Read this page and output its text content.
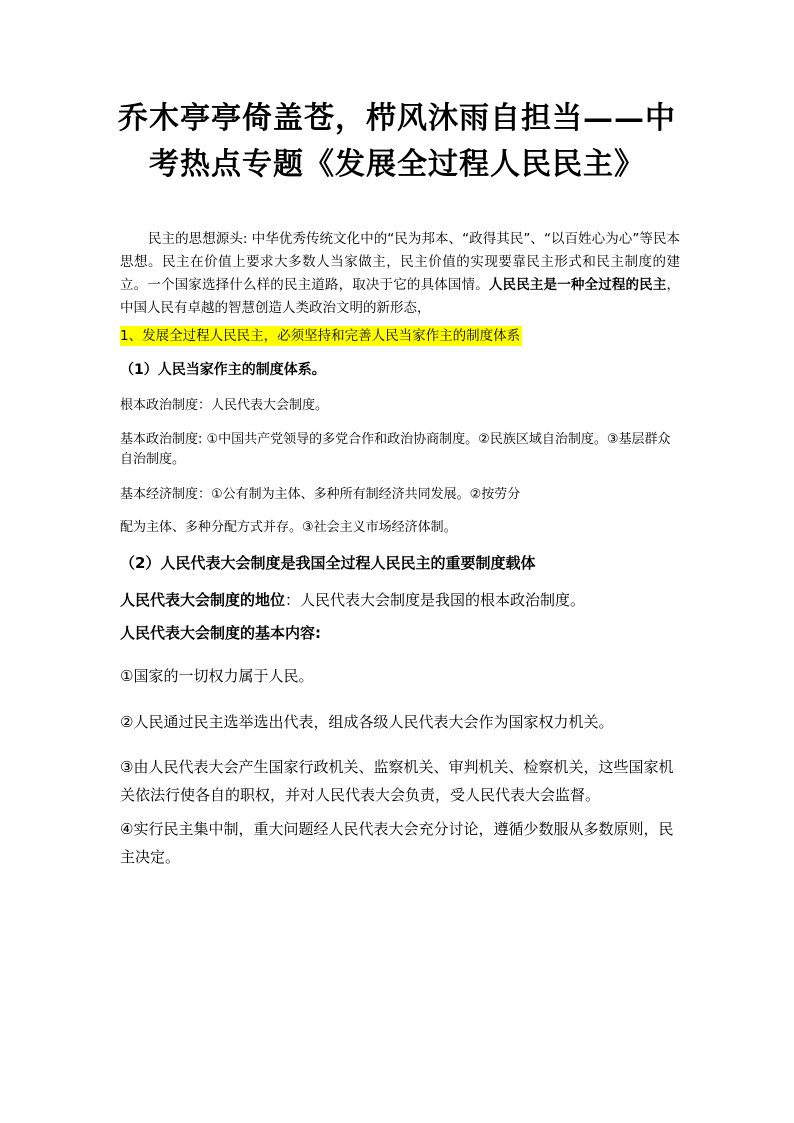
乔木亭亭倚盖苍，栉风沐雨自担当——中
考热点专题《发展全过程人民民主》

民主的思想源头: 中华优秀传统文化中的“民为邦本、“政得其民”、“以百姓心为心”等民本思想。民主在价值上要求大多数人当家做主，民主价值的实现要靠民主形式和民主制度的建立。一个国家选择什么样的民主道路，取决于它的具体国情。人民民主是一种全过程的民主，中国人民有卓越的智慧创造人类政治文明的新形态，

1、发展全过程人民民主，必须坚持和完善人民当家作主的制度体系

（1）人民当家作主的制度体系。

根本政治制度：人民代表大会制度。

基本政治制度: ①中国共产党领导的多党合作和政治协商制度。②民族区域自治制度。③基层群众自治制度。

基本经济制度：①公有制为主体、多种所有制经济共同发展。②按劳分

配为主体、多种分配方式并存。③社会主义市场经济体制。

（2）人民代表大会制度是我国全过程人民民主的重要制度载体

人民代表大会制度的地位：人民代表大会制度是我国的根本政治制度。

人民代表大会制度的基本内容:

①国家的一切权力属于人民。

②人民通过民主选举选出代表，组成各级人民代表大会作为国家权力机关。

③由人民代表大会产生国家行政机关、监察机关、审判机关、检察机关，这些国家机关依法行使各自的职权，并对人民代表大会负责，受人民代表大会监督。

④实行民主集中制，重大问题经人民代表大会充分讨论，遵循少数服从多数原则，民主决定。
